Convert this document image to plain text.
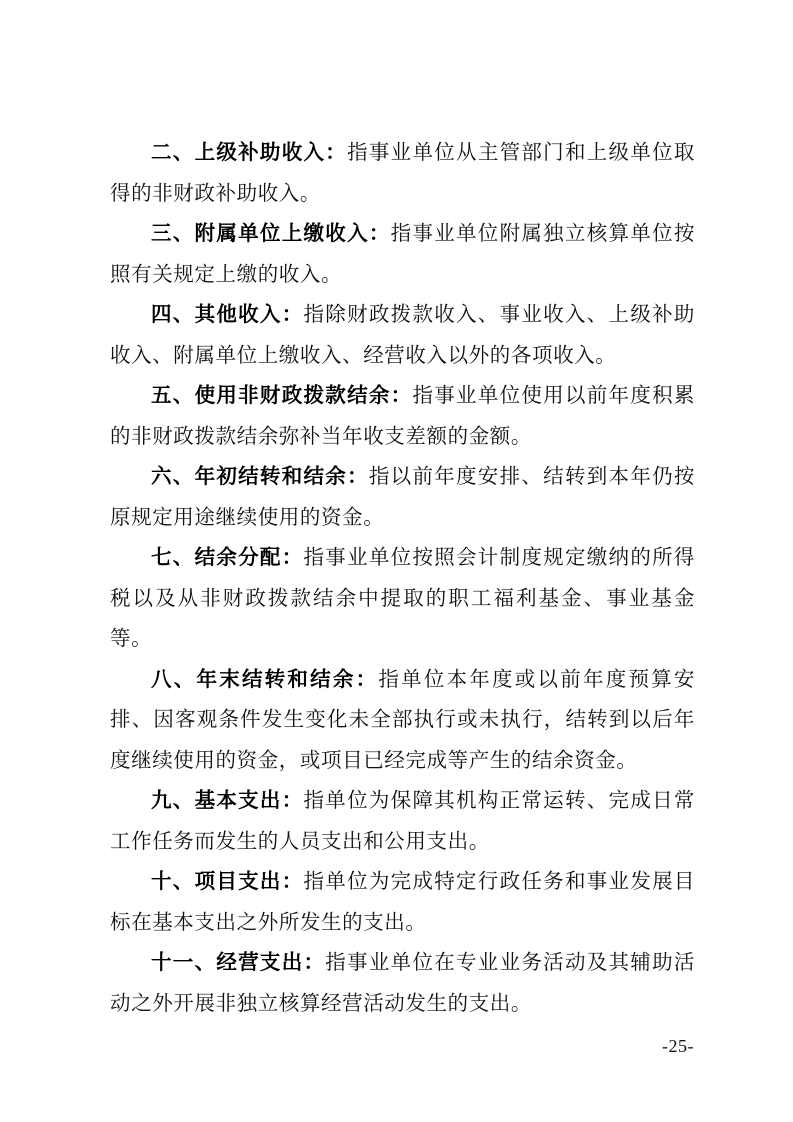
二、上级补助收入：指事业单位从主管部门和上级单位取得的非财政补助收入。

三、附属单位上缴收入：指事业单位附属独立核算单位按照有关规定上缴的收入。

四、其他收入：指除财政拨款收入、事业收入、上级补助收入、附属单位上缴收入、经营收入以外的各项收入。

五、使用非财政拨款结余：指事业单位使用以前年度积累的非财政拨款结余弥补当年收支差额的金额。

六、年初结转和结余：指以前年度安排、结转到本年仍按原规定用途继续使用的资金。

七、结余分配：指事业单位按照会计制度规定缴纳的所得税以及从非财政拨款结余中提取的职工福利基金、事业基金等。

八、年末结转和结余：指单位本年度或以前年度预算安排、因客观条件发生变化未全部执行或未执行，结转到以后年度继续使用的资金，或项目已经完成等产生的结余资金。

九、基本支出：指单位为保障其机构正常运转、完成日常工作任务而发生的人员支出和公用支出。

十、项目支出：指单位为完成特定行政任务和事业发展目标在基本支出之外所发生的支出。

十一、经营支出：指事业单位在专业业务活动及其辅助活动之外开展非独立核算经营活动发生的支出。

-25-
